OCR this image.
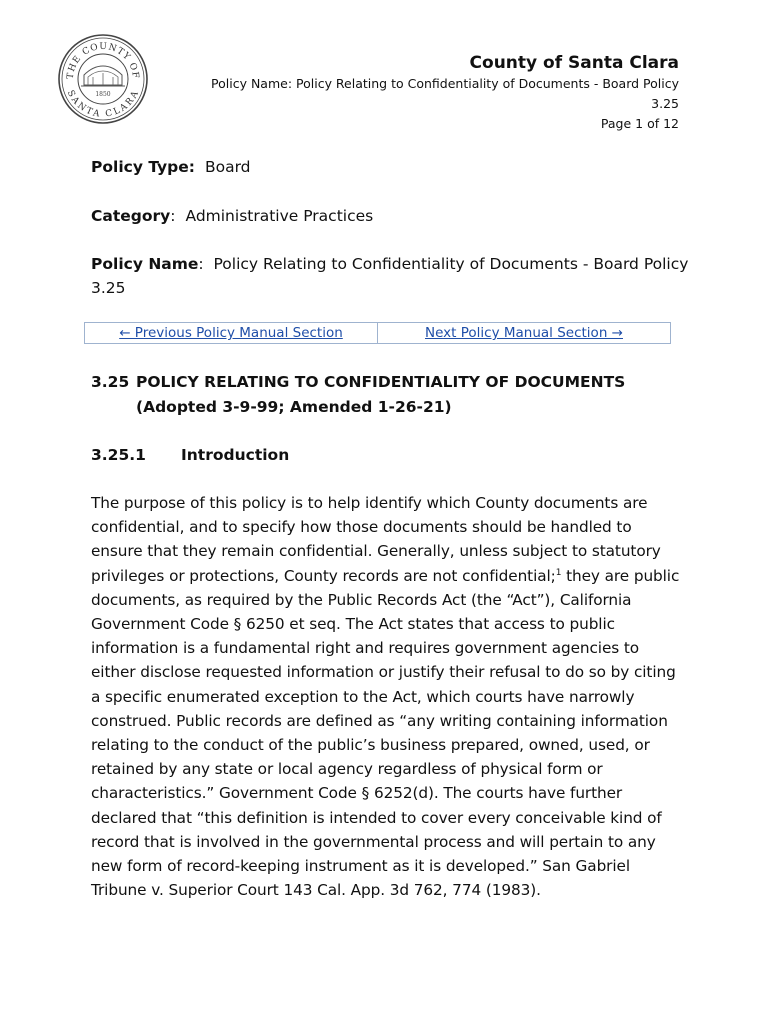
THE COUNTY OF
SANTA CLARA
1850
County of Santa Clara
Policy Name: Policy Relating to Confidentiality of Documents - Board Policy
3.25
Page 1 of 12
Policy Type: Board
Category: Administrative Practices
Policy Name:  Policy Relating to Confidentiality of Documents - Board Policy 3.25
← Previous Policy Manual Section	Next Policy Manual Section →
3.25 POLICY RELATING TO CONFIDENTIALITY OF DOCUMENTS
(Adopted 3-9-99; Amended 1-26-21)
3.25.1 Introduction
The purpose of this policy is to help identify which County documents are confidential, and to specify how those documents should be handled to ensure that they remain confidential. Generally, unless subject to statutory privileges or protections, County records are not confidential;$^1$ they are public documents, as required by the Public Records Act (the “Act”), California Government Code § 6250 et seq. The Act states that access to public information is a fundamental right and requires government agencies to either disclose requested information or justify their refusal to do so by citing a specific enumerated exception to the Act, which courts have narrowly construed. Public records are defined as “any writing containing information relating to the conduct of the public’s business prepared, owned, used, or retained by any state or local agency regardless of physical form or characteristics.” Government Code § 6252(d). The courts have further declared that “this definition is intended to cover every conceivable kind of record that is involved in the governmental process and will pertain to any new form of record-keeping instrument as it is developed.” San Gabriel Tribune v. Superior Court 143 Cal. App. 3d 762, 774 (1983).
